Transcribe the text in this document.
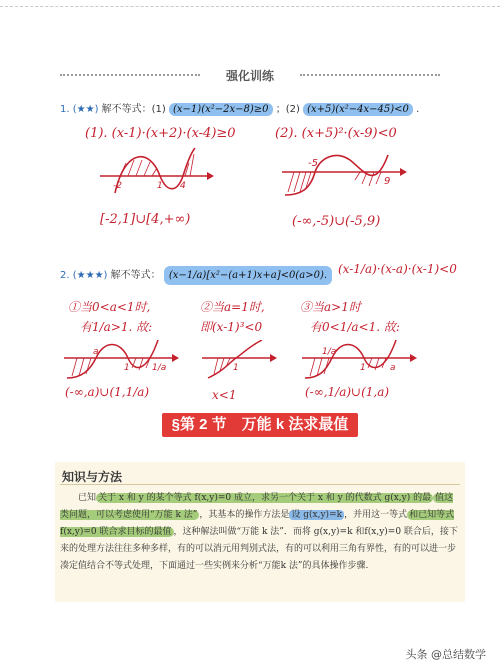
强化训练
1. (★★) 解不等式：(1) (x−1)(x²−2x−8)≥0 ；(2) (x+5)(x²−4x−45)<0 .
(1). (x-1)·(x+2)·(x-4)≥0	(2). (x+5)²·(x-9)<0
-2	1 4
-5
9
[-2,1]∪[4,+∞)	(-∞,-5)∪(-5,9)
2. (★★★) 解不等式： (x−1/a)[x²−(a+1)x+a]<0(a>0). (x-1/a)·(x-a)·(x-1)<0
①当0<a<1时,
有1/a>1. 故:
②当a=1时,
即(x-1)³<0
③当a>1时
有0<1/a<1. 故:
a
1 1/a	1
1/a
1	a
(-∞,a)∪(1,1/a)	x<1	(-∞,1/a)∪(1,a)
§第 2 节　万能 k 法求最值
知识与方法
已知 关于 x 和 y 的某个等式 f(x,y)=0 成立，求另一个关于 x 和 y 的代数式 g(x,y) 的最 值这类问题，可以考虑使用“万能 k 法” ，其基本的操作方法是 设 g(x,y)=k ，并用这一等式 和已知等式 f(x,y)=0 联合求目标的最值 ，这种解法叫做“万能 k 法”．而将 g(x,y)=k 和f(x,y)=0 联合后，接下来的处理方法往往多种多样，有的可以消元用判别式法，有的可以利用三角有界性，有的可以进一步凑定值结合不等式处理，下面通过一些实例来分析“万能k 法”的具体操作步骤.
头条 @总结数学
